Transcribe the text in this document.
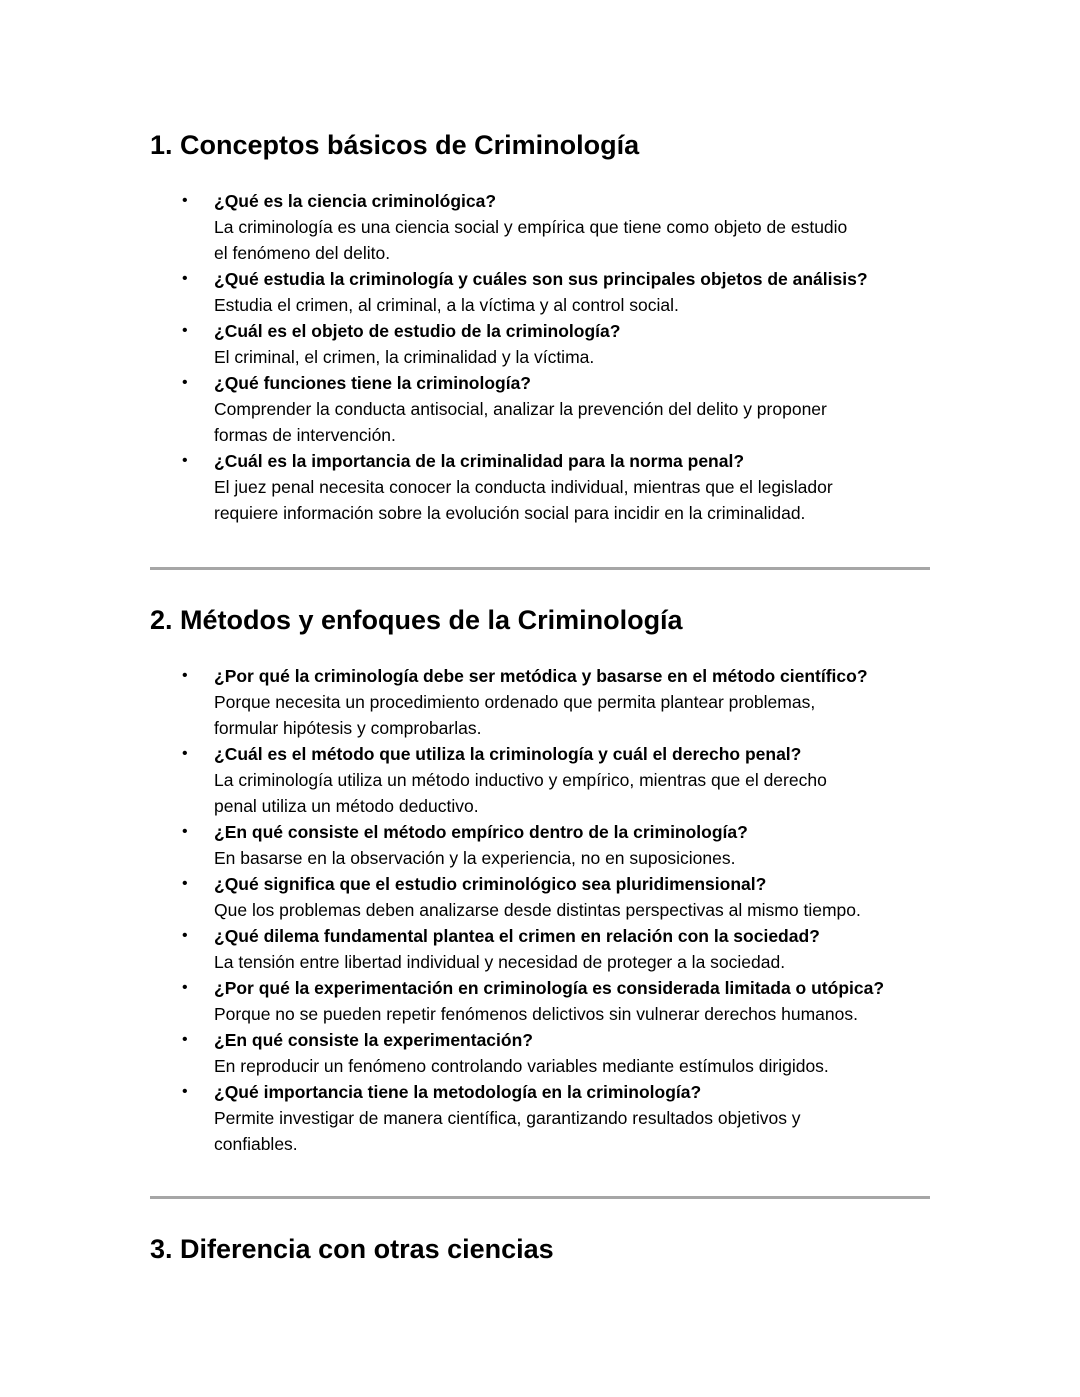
1. Conceptos básicos de Criminología
• ¿Qué es la ciencia criminológica?
La criminología es una ciencia social y empírica que tiene como objeto de estudio
el fenómeno del delito.
• ¿Qué estudia la criminología y cuáles son sus principales objetos de análisis?
Estudia el crimen, al criminal, a la víctima y al control social.
• ¿Cuál es el objeto de estudio de la criminología?
El criminal, el crimen, la criminalidad y la víctima.
• ¿Qué funciones tiene la criminología?
Comprender la conducta antisocial, analizar la prevención del delito y proponer
formas de intervención.
• ¿Cuál es la importancia de la criminalidad para la norma penal?
El juez penal necesita conocer la conducta individual, mientras que el legislador
requiere información sobre la evolución social para incidir en la criminalidad.
2. Métodos y enfoques de la Criminología
• ¿Por qué la criminología debe ser metódica y basarse en el método científico?
Porque necesita un procedimiento ordenado que permita plantear problemas,
formular hipótesis y comprobarlas.
• ¿Cuál es el método que utiliza la criminología y cuál el derecho penal?
La criminología utiliza un método inductivo y empírico, mientras que el derecho
penal utiliza un método deductivo.
• ¿En qué consiste el método empírico dentro de la criminología?
En basarse en la observación y la experiencia, no en suposiciones.
• ¿Qué significa que el estudio criminológico sea pluridimensional?
Que los problemas deben analizarse desde distintas perspectivas al mismo tiempo.
• ¿Qué dilema fundamental plantea el crimen en relación con la sociedad?
La tensión entre libertad individual y necesidad de proteger a la sociedad.
• ¿Por qué la experimentación en criminología es considerada limitada o utópica?
Porque no se pueden repetir fenómenos delictivos sin vulnerar derechos humanos.
• ¿En qué consiste la experimentación?
En reproducir un fenómeno controlando variables mediante estímulos dirigidos.
• ¿Qué importancia tiene la metodología en la criminología?
Permite investigar de manera científica, garantizando resultados objetivos y
confiables.
3. Diferencia con otras ciencias
